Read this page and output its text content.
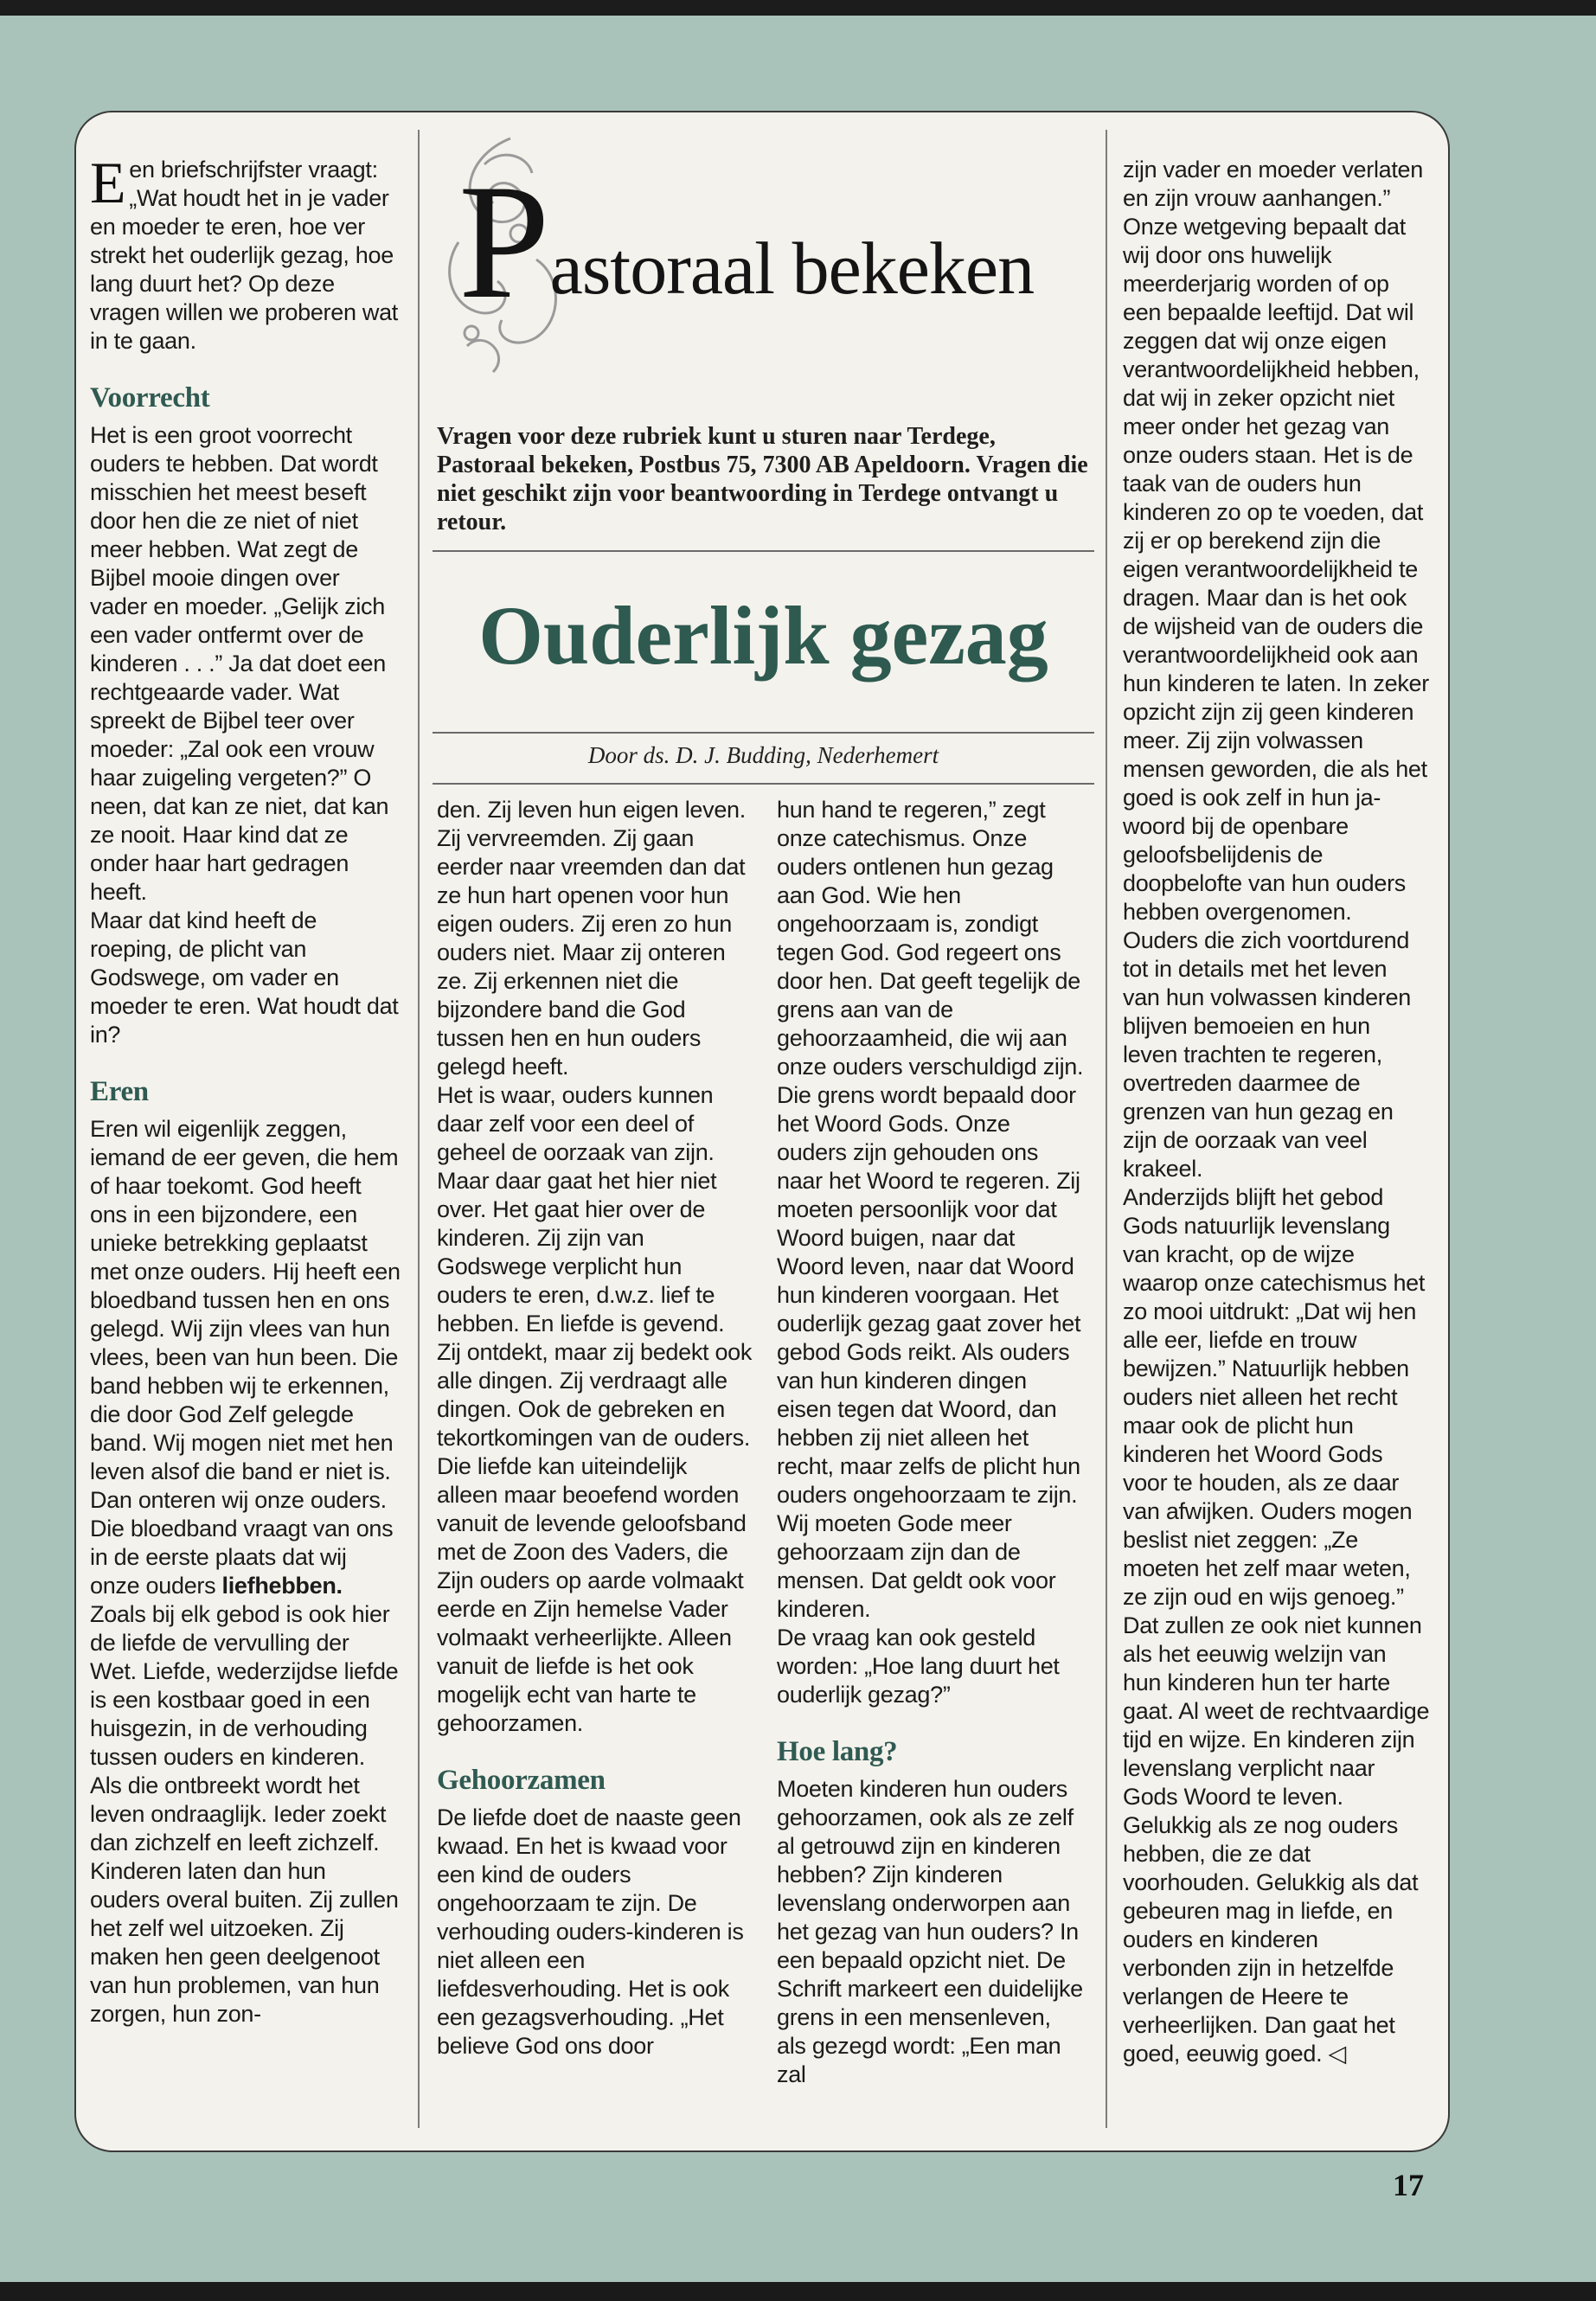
Een briefschrijfster vraagt: „Wat houdt het in je vader en moeder te eren, hoe ver strekt het ouderlijk gezag, hoe lang duurt het? Op deze vragen willen we proberen wat in te gaan.

Voorrecht

Het is een groot voorrecht ouders te hebben. Dat wordt misschien het meest beseft door hen die ze niet of niet meer hebben. Wat zegt de Bijbel mooie dingen over vader en moeder. „Gelijk zich een vader ontfermt over de kinderen . . .” Ja dat doet een rechtgeaarde vader. Wat spreekt de Bijbel teer over moeder: „Zal ook een vrouw haar zuigeling vergeten?” O neen, dat kan ze niet, dat kan ze nooit. Haar kind dat ze onder haar hart gedragen heeft.

Maar dat kind heeft de roeping, de plicht van Godswege, om vader en moeder te eren. Wat houdt dat in?

Eren

Eren wil eigenlijk zeggen, iemand de eer geven, die hem of haar toekomt. God heeft ons in een bijzondere, een unieke betrekking geplaatst met onze ouders. Hij heeft een bloedband tussen hen en ons gelegd. Wij zijn vlees van hun vlees, been van hun been. Die band hebben wij te erkennen, die door God Zelf gelegde band. Wij mogen niet met hen leven alsof die band er niet is. Dan onteren wij onze ouders. Die bloedband vraagt van ons in de eerste plaats dat wij onze ouders liefhebben. Zoals bij elk gebod is ook hier de liefde de vervulling der Wet. Liefde, wederzijdse liefde is een kostbaar goed in een huisgezin, in de verhouding tussen ouders en kinderen. Als die ontbreekt wordt het leven ondraaglijk. Ieder zoekt dan zichzelf en leeft zichzelf. Kinderen laten dan hun ouders overal buiten. Zij zullen het zelf wel uitzoeken. Zij maken hen geen deelgenoot van hun problemen, van hun zorgen, hun zon-

Pastoraal bekeken
Vragen voor deze rubriek kunt u sturen naar Terdege, Pastoraal bekeken, Postbus 75, 7300 AB Apeldoorn. Vragen die niet geschikt zijn voor beantwoording in Terdege ontvangt u retour.
Ouderlijk gezag
Door ds. D. J. Budding, Nederhemert

den. Zij leven hun eigen leven. Zij vervreemden. Zij gaan eerder naar vreemden dan dat ze hun hart openen voor hun eigen ouders. Zij eren zo hun ouders niet. Maar zij onteren ze. Zij erkennen niet die bijzondere band die God tussen hen en hun ouders gelegd heeft.

Het is waar, ouders kunnen daar zelf voor een deel of geheel de oorzaak van zijn. Maar daar gaat het hier niet over. Het gaat hier over de kinderen. Zij zijn van Godswege verplicht hun ouders te eren, d.w.z. lief te hebben. En liefde is gevend. Zij ontdekt, maar zij bedekt ook alle dingen. Zij verdraagt alle dingen. Ook de gebreken en tekortkomingen van de ouders. Die liefde kan uiteindelijk alleen maar beoefend worden vanuit de levende geloofsband met de Zoon des Vaders, die Zijn ouders op aarde volmaakt eerde en Zijn hemelse Vader volmaakt verheerlijkte. Alleen vanuit de liefde is het ook mogelijk echt van harte te gehoorzamen.

Gehoorzamen

De liefde doet de naaste geen kwaad. En het is kwaad voor een kind de ouders ongehoorzaam te zijn. De verhouding ouders-kinderen is niet alleen een liefdesverhouding. Het is ook een gezagsverhouding. „Het believe God ons door

hun hand te regeren,” zegt onze catechismus. Onze ouders ontlenen hun gezag aan God. Wie hen ongehoorzaam is, zondigt tegen God. God regeert ons door hen. Dat geeft tegelijk de grens aan van de gehoorzaamheid, die wij aan onze ouders verschuldigd zijn. Die grens wordt bepaald door het Woord Gods. Onze ouders zijn gehouden ons naar het Woord te regeren. Zij moeten persoonlijk voor dat Woord buigen, naar dat Woord leven, naar dat Woord hun kinderen voorgaan. Het ouderlijk gezag gaat zover het gebod Gods reikt. Als ouders van hun kinderen dingen eisen tegen dat Woord, dan hebben zij niet alleen het recht, maar zelfs de plicht hun ouders ongehoorzaam te zijn. Wij moeten Gode meer gehoorzaam zijn dan de mensen. Dat geldt ook voor kinderen.

De vraag kan ook gesteld worden: „Hoe lang duurt het ouderlijk gezag?”

Hoe lang?

Moeten kinderen hun ouders gehoorzamen, ook als ze zelf al getrouwd zijn en kinderen hebben? Zijn kinderen levenslang onderworpen aan het gezag van hun ouders? In een bepaald opzicht niet. De Schrift markeert een duidelijke grens in een mensenleven, als gezegd wordt: „Een man zal

zijn vader en moeder verlaten en zijn vrouw aanhangen.” Onze wetgeving bepaalt dat wij door ons huwelijk meerderjarig worden of op een bepaalde leeftijd. Dat wil zeggen dat wij onze eigen verantwoordelijkheid hebben, dat wij in zeker opzicht niet meer onder het gezag van onze ouders staan. Het is de taak van de ouders hun kinderen zo op te voeden, dat zij er op berekend zijn die eigen verantwoordelijkheid te dragen. Maar dan is het ook de wijsheid van de ouders die verantwoordelijkheid ook aan hun kinderen te laten. In zeker opzicht zijn zij geen kinderen meer. Zij zijn volwassen mensen geworden, die als het goed is ook zelf in hun ja-woord bij de openbare geloofsbelijdenis de doopbelofte van hun ouders hebben overgenomen. Ouders die zich voortdurend tot in details met het leven van hun volwassen kinderen blijven bemoeien en hun leven trachten te regeren, overtreden daarmee de grenzen van hun gezag en zijn de oorzaak van veel krakeel.

Anderzijds blijft het gebod Gods natuurlijk levenslang van kracht, op de wijze waarop onze catechismus het zo mooi uitdrukt: „Dat wij hen alle eer, liefde en trouw bewijzen.” Natuurlijk hebben ouders niet alleen het recht maar ook de plicht hun kinderen het Woord Gods voor te houden, als ze daar van afwijken. Ouders mogen beslist niet zeggen: „Ze moeten het zelf maar weten, ze zijn oud en wijs genoeg.” Dat zullen ze ook niet kunnen als het eeuwig welzijn van hun kinderen hun ter harte gaat. Al weet de rechtvaardige tijd en wijze. En kinderen zijn levenslang verplicht naar Gods Woord te leven. Gelukkig als ze nog ouders hebben, die ze dat voorhouden. Gelukkig als dat gebeuren mag in liefde, en ouders en kinderen verbonden zijn in hetzelfde verlangen de Heere te verheerlijken. Dan gaat het goed, eeuwig goed. ◁

17
